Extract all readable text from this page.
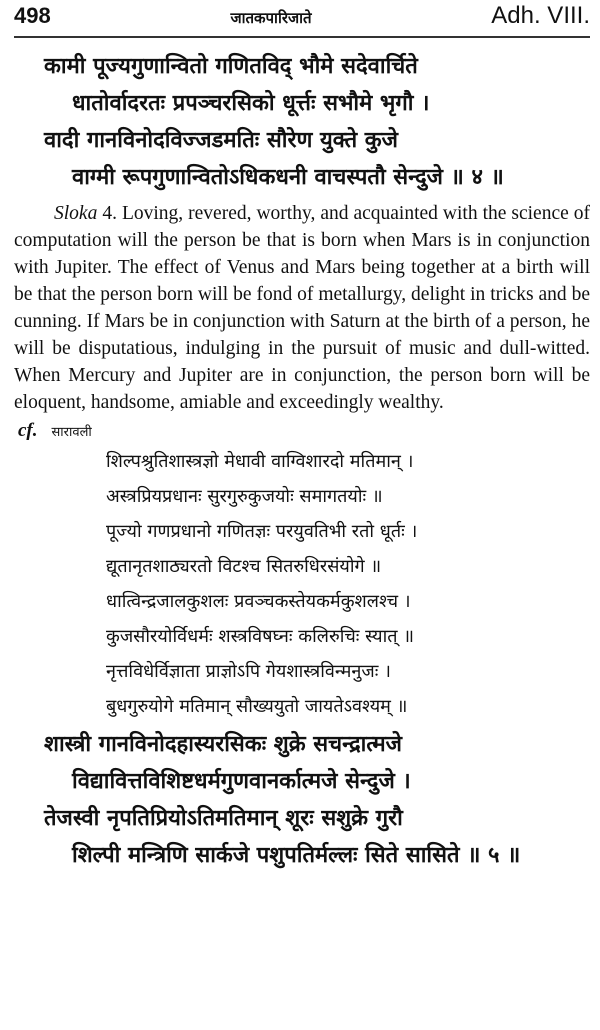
498	जातकपारिजाते	Adh. VIII.
कामी पूज्यगुणान्वितो गणितविद् भौमे सदेवार्चिते
धातोर्वादरतः प्रपञ्चरसिको धूर्त्तः सभौमे भृगौ ।
वादी गानविनोदविज्जडमतिः सौरेण युक्ते कुजे
वाग्मी रूपगुणान्वितोऽधिकधनी वाचस्पतौ सेन्दुजे ॥ ४ ॥

Sloka 4. Loving, revered, worthy, and acquainted with the science of computation will the person be that is born when Mars is in conjunction with Jupiter. The effect of Venus and Mars being together at a birth will be that the person born will be fond of metallurgy, delight in tricks and be cunning. If Mars be in conjunction with Saturn at the birth of a person, he will be disputatious, indulging in the pursuit of music and dull-witted. When Mercury and Jupiter are in conjunction, the person born will be eloquent, handsome, amiable and exceedingly wealthy.

cf. सारावली
शिल्पश्रुतिशास्त्रज्ञो मेधावी वाग्विशारदो मतिमान् ।
अस्त्रप्रियप्रधानः सुरगुरुकुजयोः समागतयोः ॥
पूज्यो गणप्रधानो गणितज्ञः परयुवतिभी रतो धूर्तः ।
द्यूतानृतशाठ्यरतो विटश्च सितरुधिरसंयोगे ॥
धात्विन्द्रजालकुशलः प्रवञ्चकस्तेयकर्मकुशलश्च ।
कुजसौरयोर्विधर्मः शस्त्रविषघ्नः कलिरुचिः स्यात् ॥
नृत्तविधेर्विज्ञाता प्राज्ञोऽपि गेयशास्त्रविन्मनुजः ।
बुधगुरुयोगे मतिमान् सौख्ययुतो जायतेऽवश्यम् ॥
शास्त्री गानविनोदहास्यरसिकः शुक्रे सचन्द्रात्मजे
विद्यावित्तविशिष्टधर्मगुणवानर्कात्मजे सेन्दुजे ।
तेजस्वी नृपतिप्रियोऽतिमतिमान् शूरः सशुक्रे गुरौ
शिल्पी मन्त्रिणि सार्कजे पशुपतिर्मल्लः सिते सासिते ॥ ५ ॥
